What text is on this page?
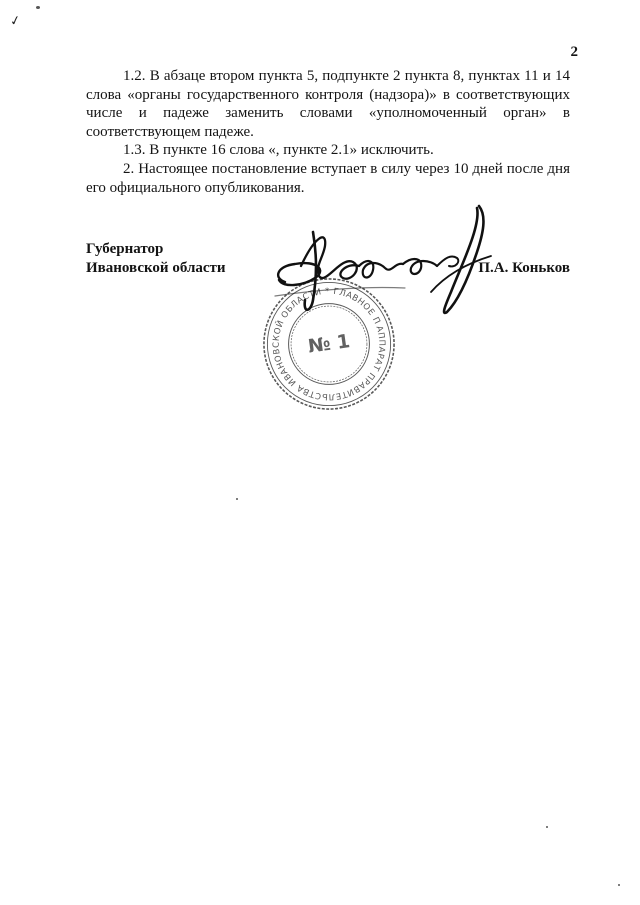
✓
2

1.2. В абзаце втором пункта 5, подпункте 2 пункта 8, пунктах 11 и 14 слова «органы государственного контроля (надзора)» в соответствующих числе и падеже заменить словами «уполномоченный орган» в соответствующем падеже.

1.3. В пункте 16 слова «, пункте 2.1» исключить.

2. Настоящее постановление вступает в силу через 10 дней после дня его официального опубликования.

Губернатор
Ивановской области	П.А. Коньков
АППАРАТ ПРАВИТЕЛЬСТВА ИВАНОВСКОЙ ОБЛАСТИ * ГЛАВНОЕ ПРАВОВОЕ
№ 1
